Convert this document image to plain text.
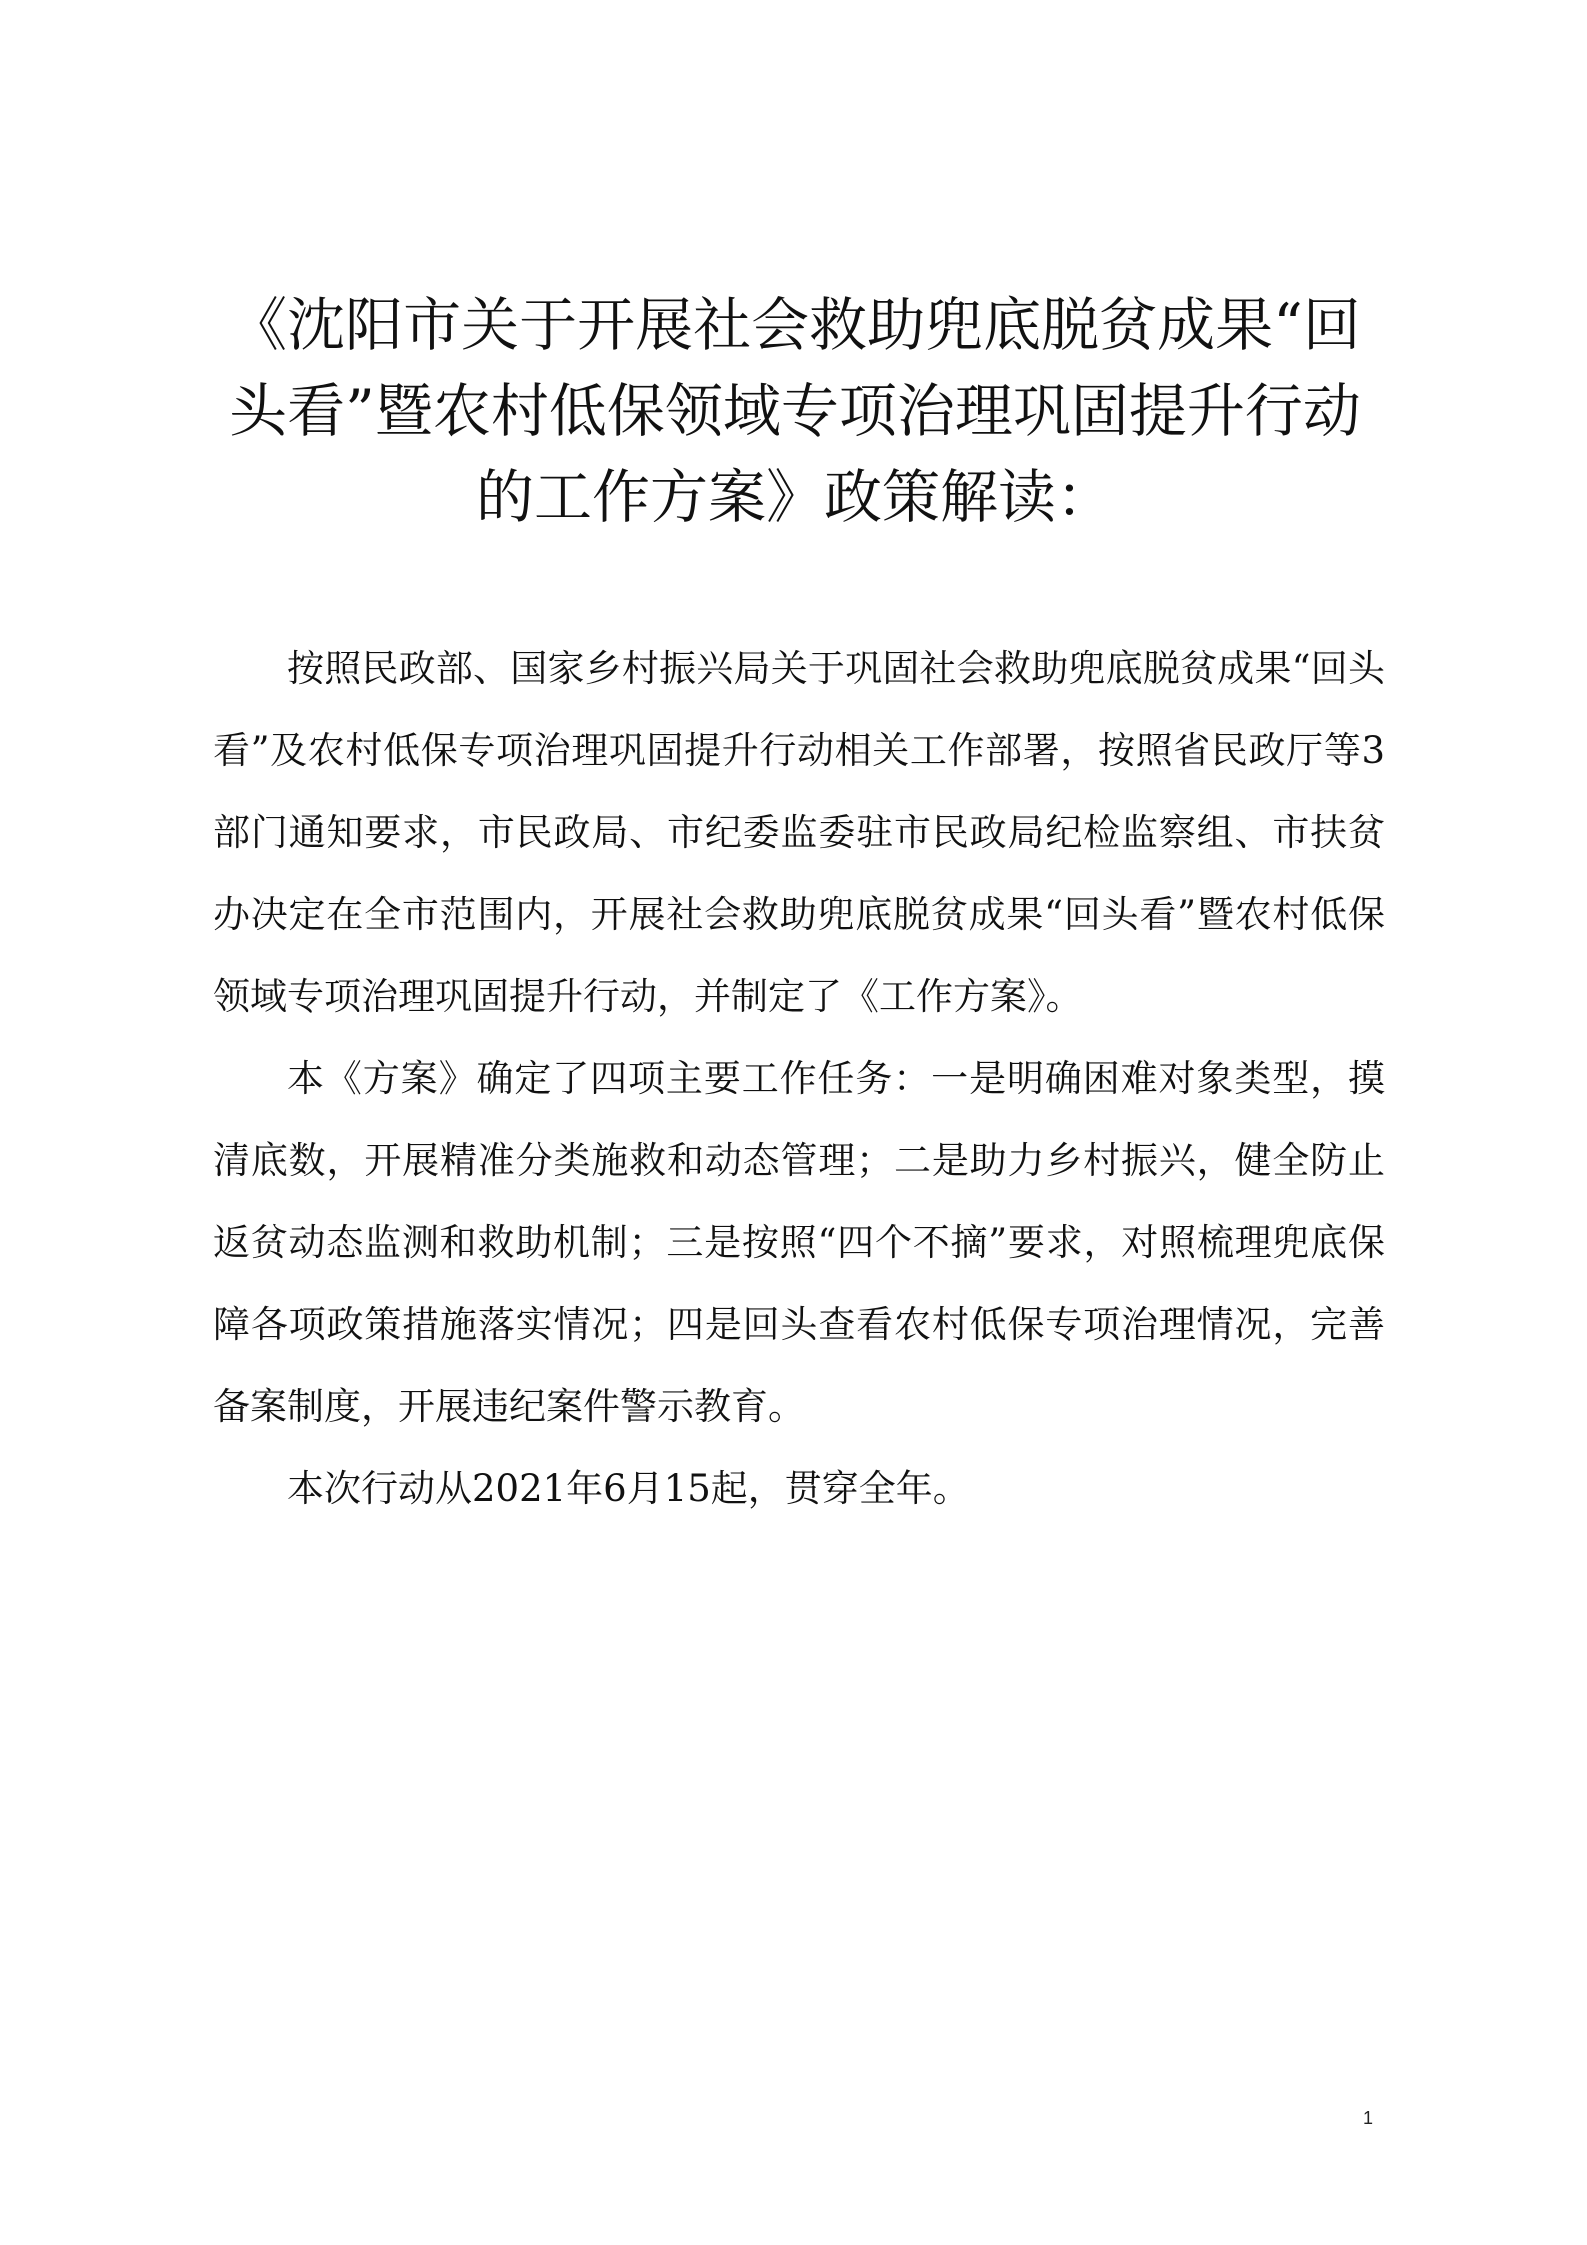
《沈阳市关于开展社会救助兜底脱贫成果“回
头看”暨农村低保领域专项治理巩固提升行动
的工作方案》政策解读：

按照民政部、国家乡村振兴局关于巩固社会救助兜底脱贫成果“回头看”及农村低保专项治理巩固提升行动相关工作部署，按照省民政厅等3部门通知要求，市民政局、市纪委监委驻市民政局纪检监察组、市扶贫办决定在全市范围内，开展社会救助兜底脱贫成果“回头看”暨农村低保领域专项治理巩固提升行动，并制定了《工作方案》。

本《方案》确定了四项主要工作任务：一是明确困难对象类型，摸清底数，开展精准分类施救和动态管理；二是助力乡村振兴，健全防止返贫动态监测和救助机制；三是按照“四个不摘”要求，对照梳理兜底保障各项政策措施落实情况；四是回头查看农村低保专项治理情况，完善备案制度，开展违纪案件警示教育。

本次行动从2021年6月15起，贯穿全年。

1
